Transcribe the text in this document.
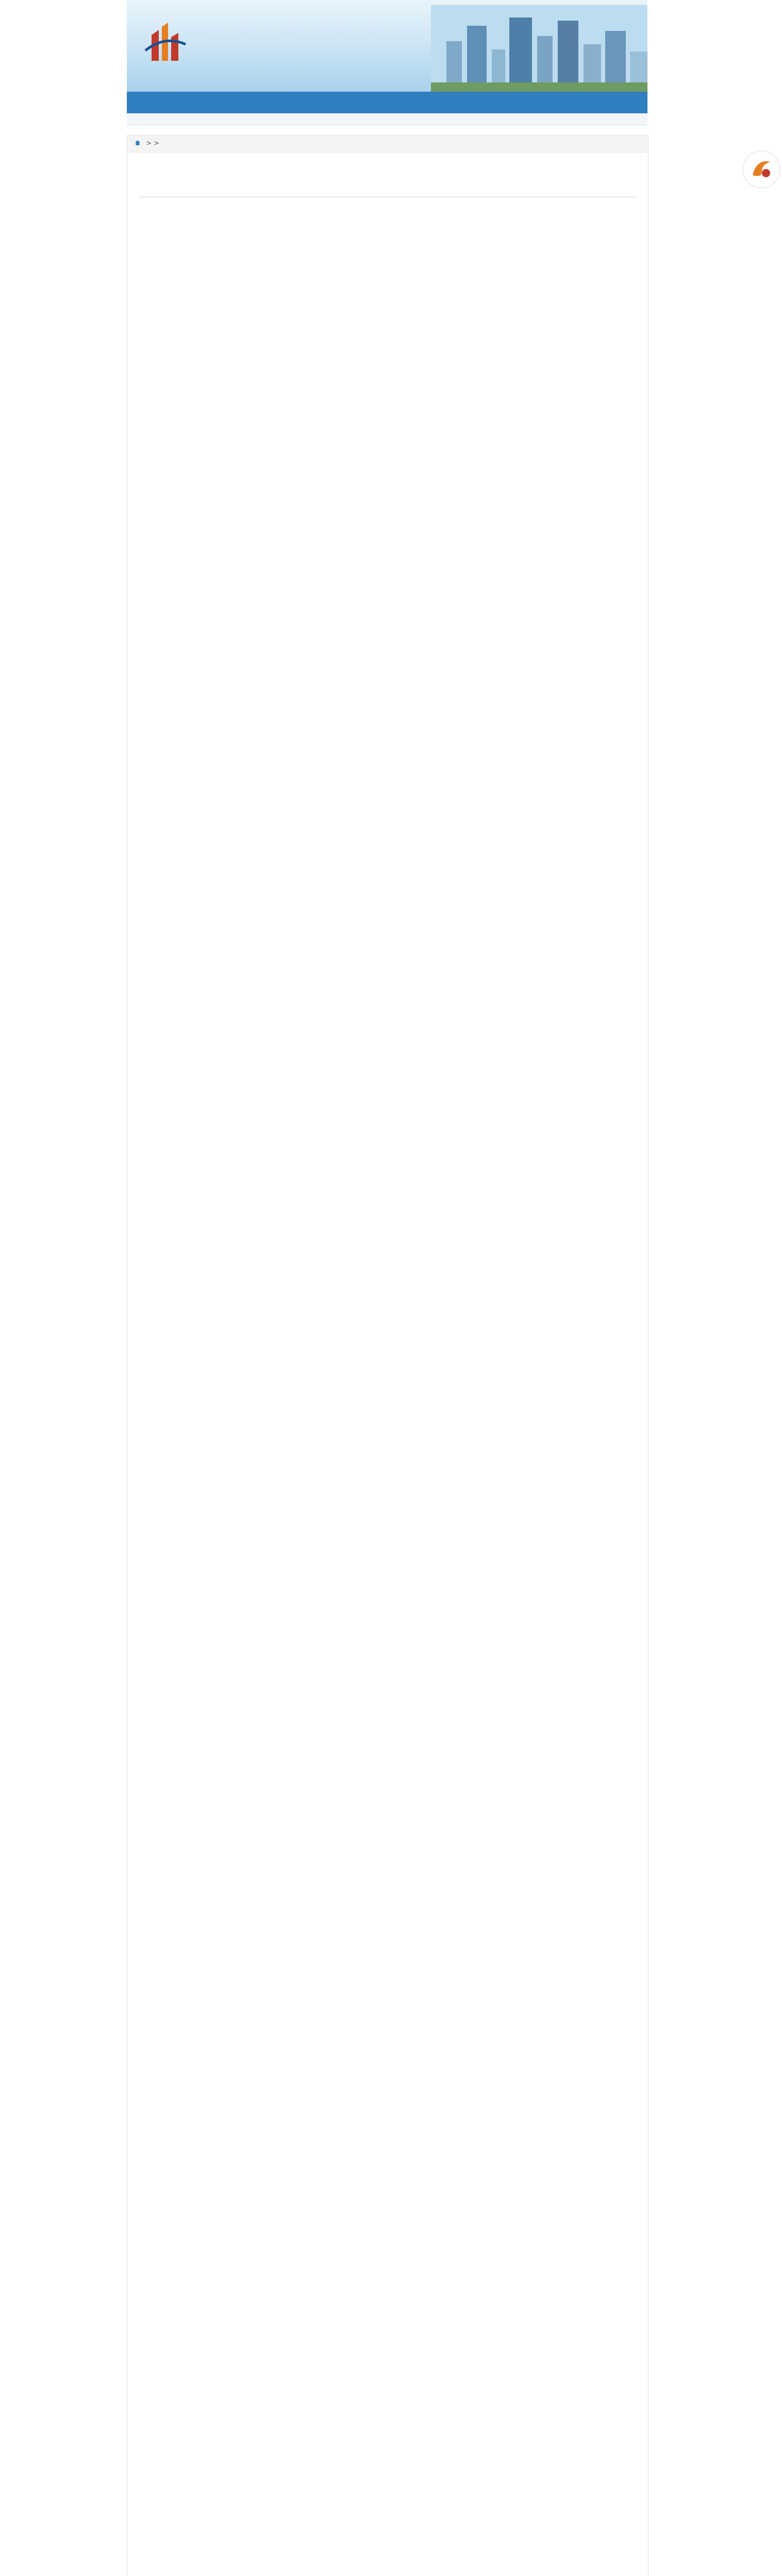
> >
